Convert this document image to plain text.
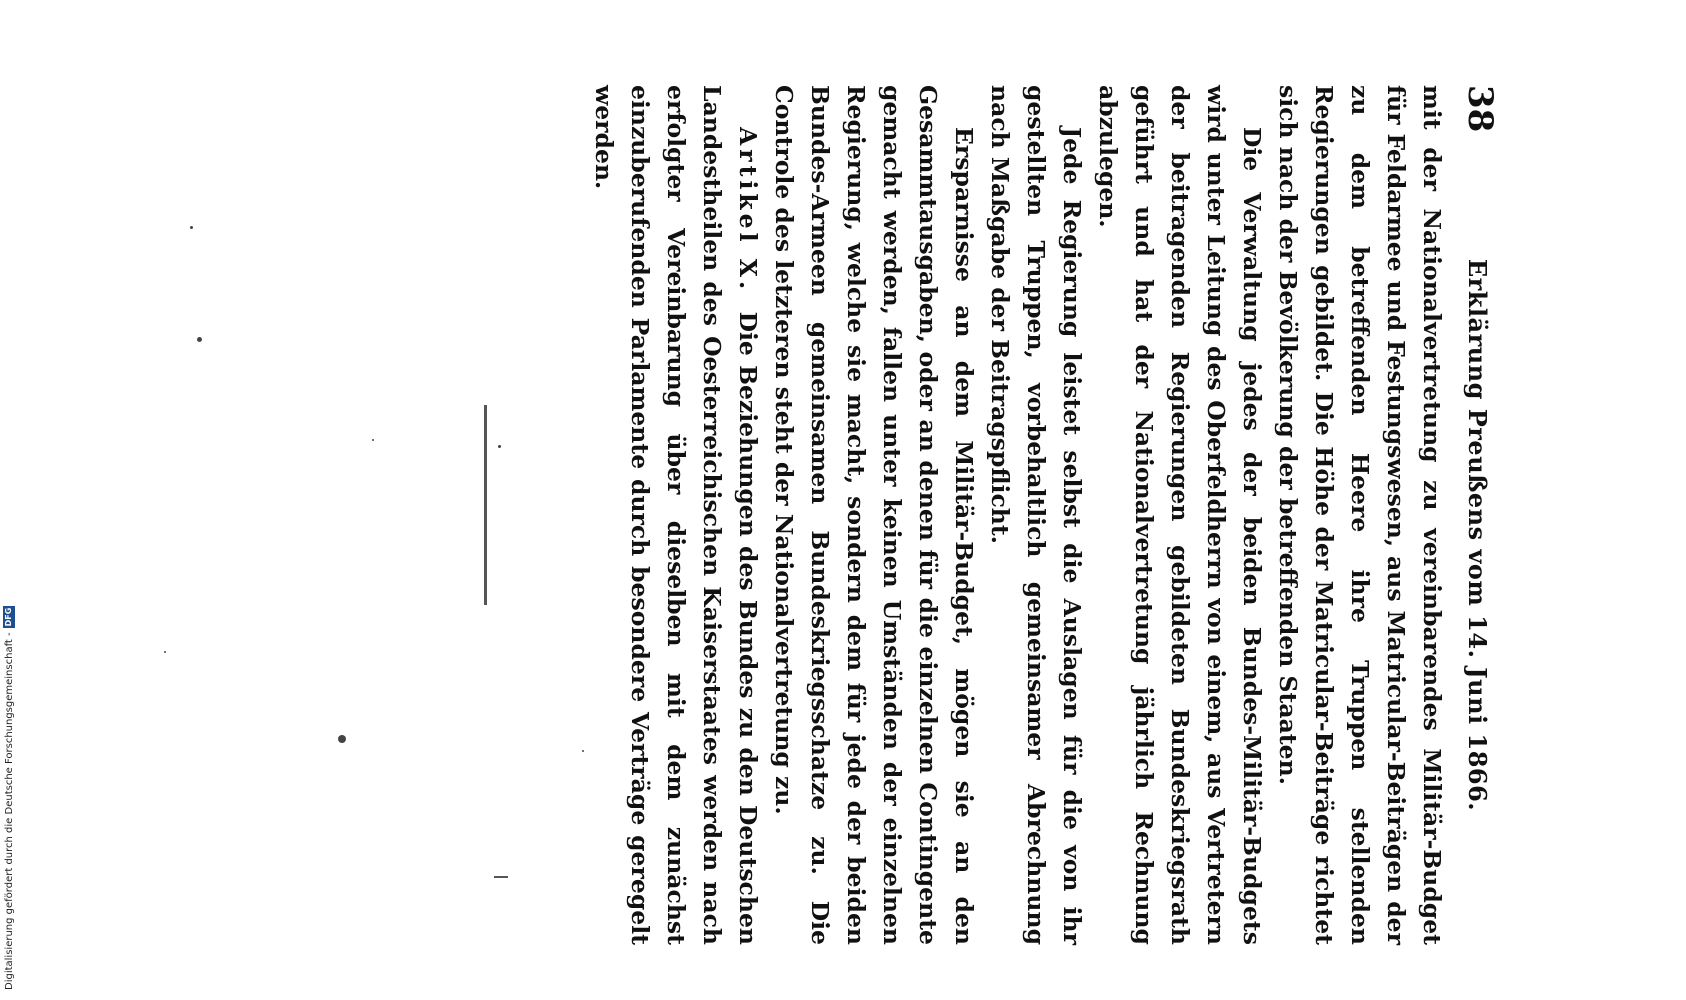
38
Erklärung Preußens vom 14. Juni 1866.

mit der Nationalvertretung zu vereinbarendes Militär-Budget für Feldarmee und Festungswesen, aus Matricular-Beiträgen der zu dem betreffenden Heere ihre Truppen stellenden Regierungen gebildet. Die Höhe der Matricular-Beiträge richtet sich nach der Bevölkerung der betreffenden Staaten.

Die Verwaltung jedes der beiden Bundes-Militär-Budgets wird unter Leitung des Oberfeldherrn von einem, aus Vertretern der beitragenden Regierungen gebildeten Bundeskriegsrath geführt und hat der Nationalvertretung jährlich Rechnung abzulegen.

Jede Regierung leistet selbst die Auslagen für die von ihr gestellten Truppen, vorbehaltlich gemeinsamer Abrechnung nach Maßgabe der Beitragspflicht.

Ersparnisse an dem Militär-Budget, mögen sie an den Gesammtausgaben, oder an denen für die einzelnen Contingente gemacht werden, fallen unter keinen Umständen der einzelnen Regierung, welche sie macht, sondern dem für jede der beiden Bundes-Armeen gemeinsamen Bundeskriegsschatze zu. Die Controle des letzteren steht der Nationalvertretung zu.

Artikel X.  Die Beziehungen des Bundes zu den Deutschen Landestheilen des Oesterreichischen Kaiserstaates werden nach erfolgter Vereinbarung über dieselben mit dem zunächst einzuberufenden Parlamente durch besondere Verträge geregelt werden.

Digitalisierung gefördert durch die Deutsche Forschungsgemeinschaft -
DFG
